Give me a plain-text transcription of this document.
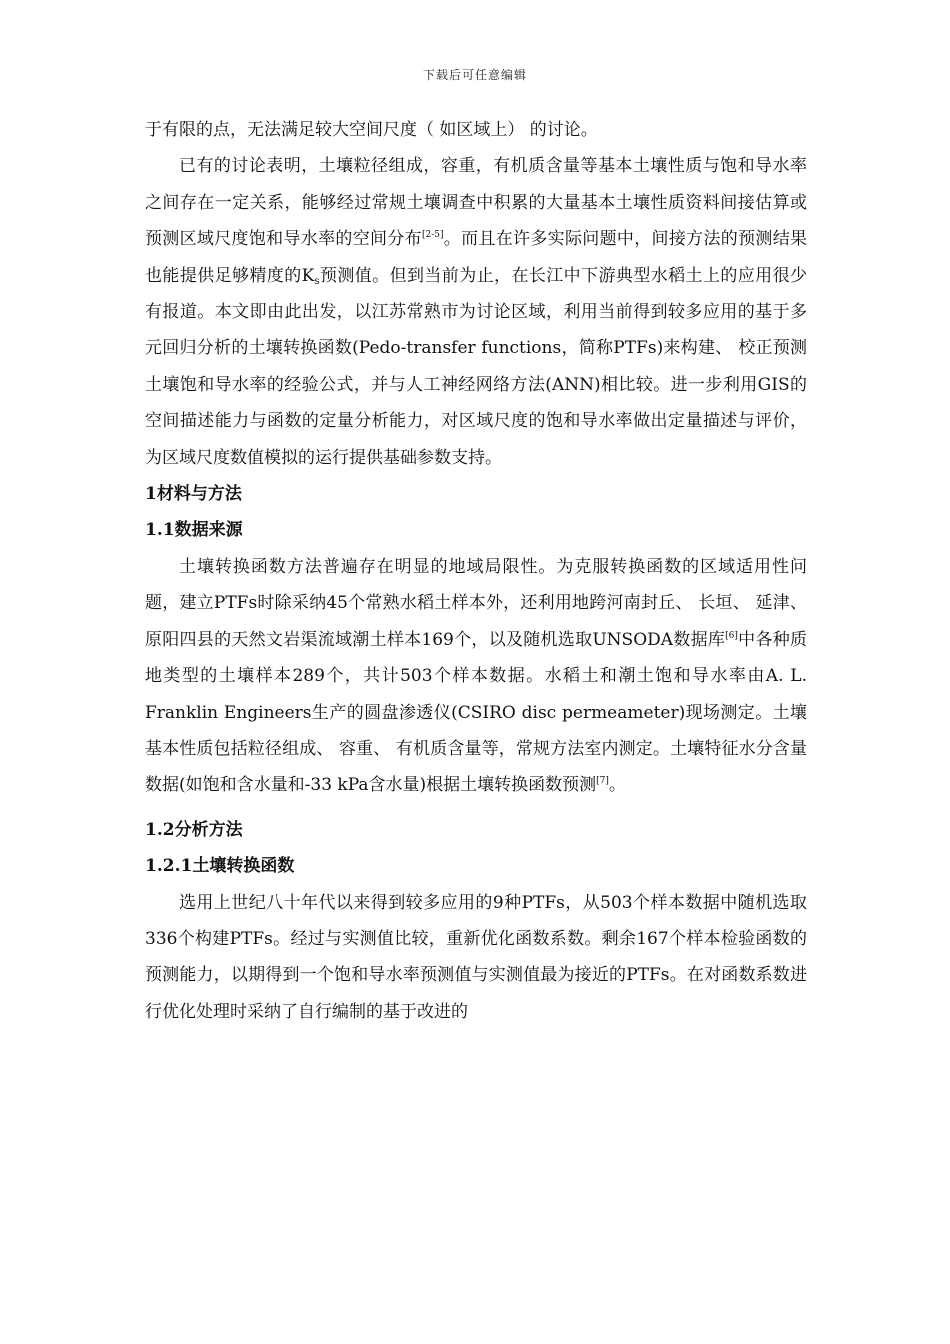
下载后可任意编辑

于有限的点，无法满足较大空间尺度（ 如区域上） 的讨论。

已有的讨论表明，土壤粒径组成，容重，有机质含量等基本土壤性质与饱和导水率之间存在一定关系，能够经过常规土壤调查中积累的大量基本土壤性质资料间接估算或预测区域尺度饱和导水率的空间分布[2-5]。而且在许多实际问题中，间接方法的预测结果也能提供足够精度的$K_s$预测值。但到当前为止，在长江中下游典型水稻土上的应用很少有报道。本文即由此出发，以江苏常熟市为讨论区域，利用当前得到较多应用的基于多元回归分析的土壤转换函数(Pedo-transfer functions，简称PTFs)来构建、 校正预测土壤饱和导水率的经验公式，并与人工神经网络方法(ANN)相比较。进一步利用GIS的空间描述能力与函数的定量分析能力，对区域尺度的饱和导水率做出定量描述与评价，为区域尺度数值模拟的运行提供基础参数支持。

1材料与方法

1.1数据来源

土壤转换函数方法普遍存在明显的地域局限性。为克服转换函数的区域适用性问题，建立PTFs时除采纳45个常熟水稻土样本外，还利用地跨河南封丘、 长垣、 延津、 原阳四县的天然文岩渠流域潮土样本169个，以及随机选取UNSODA数据库[6]中各种质地类型的土壤样本289个，共计503个样本数据。水稻土和潮土饱和导水率由A. L. Franklin Engineers生产的圆盘渗透仪(CSIRO disc permeameter)现场测定。土壤基本性质包括粒径组成、 容重、 有机质含量等，常规方法室内测定。土壤特征水分含量数据(如饱和含水量和-33 kPa含水量)根据土壤转换函数预测[7]。

1.2分析方法

1.2.1土壤转换函数

选用上世纪八十年代以来得到较多应用的9种PTFs，从503个样本数据中随机选取336个构建PTFs。经过与实测值比较，重新优化函数系数。剩余167个样本检验函数的预测能力，以期得到一个饱和导水率预测值与实测值最为接近的PTFs。在对函数系数进行优化处理时采纳了自行编制的基于改进的
